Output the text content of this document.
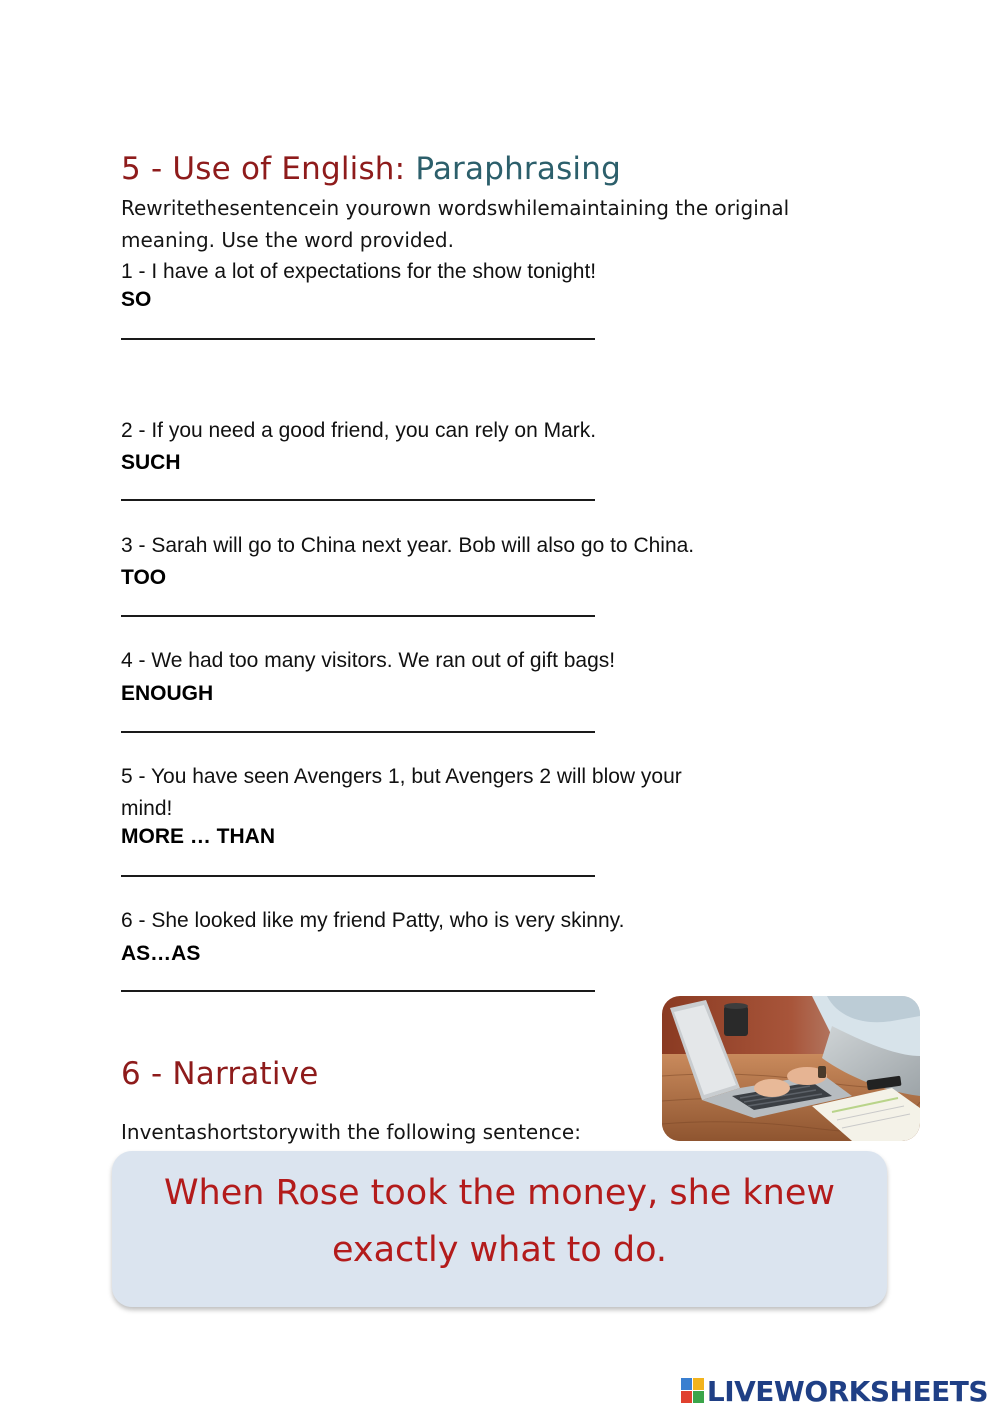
5 - Use of English: Paraphrasing
Rewritethesentencein yourown wordswhilemaintaining the original
meaning. Use the word provided.
1 - I have a lot of expectations for the show tonight!
SO
2 - If you need a good friend, you can rely on Mark.
SUCH
3 - Sarah will go to China next year. Bob will also go to China.
TOO
4 - We had too many visitors. We ran out of gift bags!
ENOUGH
5 - You have seen Avengers 1, but Avengers 2 will blow your
mind!
MORE … THAN
6 - She looked like my friend Patty, who is very skinny.
AS…AS
6 - Narrative
Inventashortstorywith the following sentence:
When Rose took the money, she knew
exactly what to do.
LIVEWORKSHEETS
